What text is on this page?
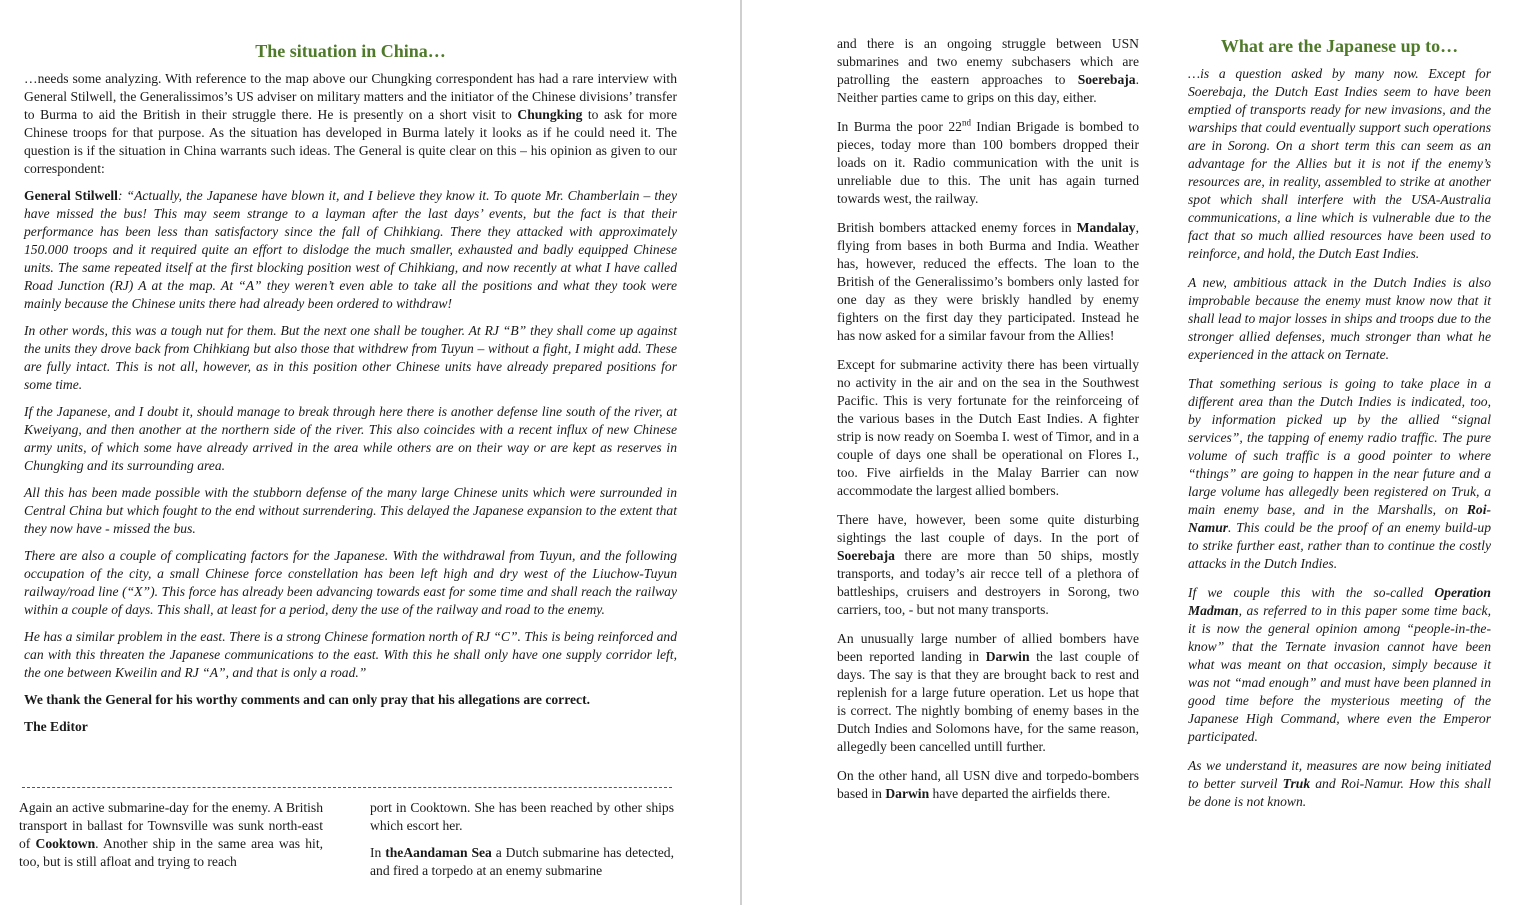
The situation in China…

…needs some analyzing. With reference to the map above our Chungking correspondent has had a rare interview with General Stilwell, the Generalissimos’s US adviser on military matters and the initiator of the Chinese divisions’ transfer to Burma to aid the British in their struggle there. He is presently on a short visit to Chungking to ask for more Chinese troops for that purpose. As the situation has developed in Burma lately it looks as if he could need it. The question is if the situation in China warrants such ideas. The General is quite clear on this – his opinion as given to our correspondent:

General Stilwell: “Actually, the Japanese have blown it, and I believe they know it. To quote Mr. Chamberlain – they have missed the bus! This may seem strange to a layman after the last days’ events, but the fact is that their performance has been less than satisfactory since the fall of Chihkiang. There they attacked with approximately 150.000 troops and it required quite an effort to dislodge the much smaller, exhausted and badly equipped Chinese units. The same repeated itself at the first blocking position west of Chihkiang, and now recently at what I have called Road Junction (RJ) A at the map. At “A” they weren’t even able to take all the positions and what they took were mainly because the Chinese units there had already been ordered to withdraw!

In other words, this was a tough nut for them. But the next one shall be tougher. At RJ “B” they shall come up against the units they drove back from Chihkiang but also those that withdrew from Tuyun – without a fight, I might add. These are fully intact. This is not all, however, as in this position other Chinese units have already prepared positions for some time.

If the Japanese, and I doubt it, should manage to break through here there is another defense line south of the river, at Kweiyang, and then another at the northern side of the river. This also coincides with a recent influx of new Chinese army units, of which some have already arrived in the area while others are on their way or are kept as reserves in Chungking and its surrounding area.

All this has been made possible with the stubborn defense of the many large Chinese units which were surrounded in Central China but which fought to the end without surrendering. This delayed the Japanese expansion to the extent that they now have - missed the bus.

There are also a couple of complicating factors for the Japanese. With the withdrawal from Tuyun, and the following occupation of the city, a small Chinese force constellation has been left high and dry west of the Liuchow-Tuyun railway/road line (“X”). This force has already been advancing towards east for some time and shall reach the railway within a couple of days. This shall, at least for a period, deny the use of the railway and road to the enemy.

He has a similar problem in the east. There is a strong Chinese formation north of RJ “C”. This is being reinforced and can with this threaten the Japanese communications to the east. With this he shall only have one supply corridor left, the one between Kweilin and RJ “A”, and that is only a road.”

We thank the General for his worthy comments and can only pray that his allegations are correct.

The Editor

Again an active submarine-day for the enemy. A British transport in ballast for Townsville was sunk north-east of Cooktown. Another ship in the same area was hit, too, but is still afloat and trying to reach

port in Cooktown. She has been reached by other ships which escort her.

In theAandaman Sea a Dutch submarine has detected, and fired a torpedo at an enemy submarine

and there is an ongoing struggle between USN submarines and two enemy subchasers which are patrolling the eastern approaches to Soerebaja. Neither parties came to grips on this day, either.

In Burma the poor 22nd Indian Brigade is bombed to pieces, today more than 100 bombers dropped their loads on it. Radio communication with the unit is unreliable due to this. The unit has again turned towards west, the railway.

British bombers attacked enemy forces in Mandalay, flying from bases in both Burma and India. Weather has, however, reduced the effects. The loan to the British of the Generalissimo’s bombers only lasted for one day as they were briskly handled by enemy fighters on the first day they participated. Instead he has now asked for a similar favour from the Allies!

Except for submarine activity there has been virtually no activity in the air and on the sea in the Southwest Pacific. This is very fortunate for the reinforceing of the various bases in the Dutch East Indies. A fighter strip is now ready on Soemba I. west of Timor, and in a couple of days one shall be operational on Flores I., too. Five airfields in the Malay Barrier can now accommodate the largest allied bombers.

There have, however, been some quite disturbing sightings the last couple of days. In the port of Soerebaja there are more than 50 ships, mostly transports, and today’s air recce tell of a plethora of battleships, cruisers and destroyers in Sorong, two carriers, too, - but not many transports.

An unusually large number of allied bombers have been reported landing in Darwin the last couple of days. The say is that they are brought back to rest and replenish for a large future operation. Let us hope that is correct. The nightly bombing of enemy bases in the Dutch Indies and Solomons have, for the same reason, allegedly been cancelled untill further.

On the other hand, all USN dive and torpedo-bombers based in Darwin have departed the airfields there.

What are the Japanese up to…

…is a question asked by many now. Except for Soerebaja, the Dutch East Indies seem to have been emptied of transports ready for new invasions, and the warships that could eventually support such operations are in Sorong. On a short term this can seem as an advantage for the Allies but it is not if the enemy’s resources are, in reality, assembled to strike at another spot which shall interfere with the USA-Australia communications, a line which is vulnerable due to the fact that so much allied resources have been used to reinforce, and hold, the Dutch East Indies.

A new, ambitious attack in the Dutch Indies is also improbable because the enemy must know now that it shall lead to major losses in ships and troops due to the stronger allied defenses, much stronger than what he experienced in the attack on Ternate.

That something serious is going to take place in a different area than the Dutch Indies is indicated, too, by information picked up by the allied “signal services”, the tapping of enemy radio traffic. The pure volume of such traffic is a good pointer to where “things” are going to happen in the near future and a large volume has allegedly been registered on Truk, a main enemy base, and in the Marshalls, on Roi-Namur. This could be the proof of an enemy build-up to strike further east, rather than to continue the costly attacks in the Dutch Indies.

If we couple this with the so-called Operation Madman, as referred to in this paper some time back, it is now the general opinion among “people-in-the-know” that the Ternate invasion cannot have been what was meant on that occasion, simply because it was not “mad enough” and must have been planned in good time before the mysterious meeting of the Japanese High Command, where even the Emperor participated.

As we understand it, measures are now being initiated to better surveil Truk and Roi-Namur. How this shall be done is not known.
